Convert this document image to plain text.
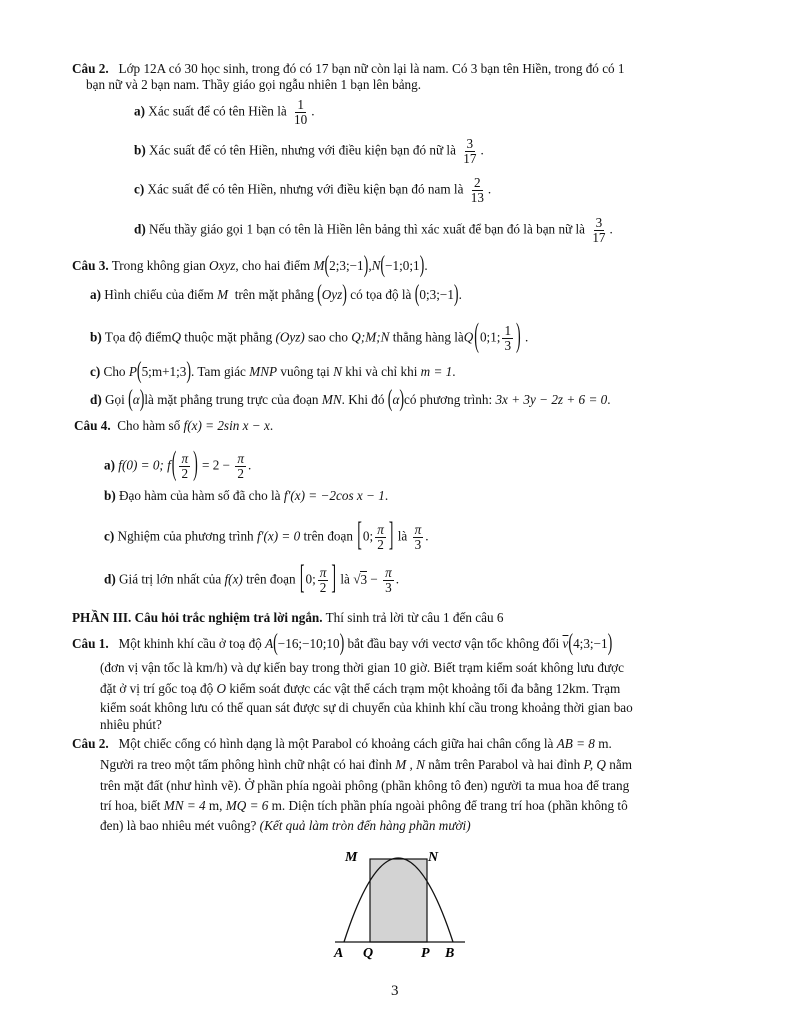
Câu 2. Lớp 12A có 30 học sinh, trong đó có 17 bạn nữ còn lại là nam. Có 3 bạn tên Hiền, trong đó có 1
bạn nữ và 2 bạn nam. Thầy giáo gọi ngẫu nhiên 1 bạn lên bảng.
a) Xác suất để có tên Hiền là $\frac{1}{10}$ .
b) Xác suất để có tên Hiền, nhưng với điều kiện bạn đó nữ là $\frac{3}{17}$ .
c) Xác suất để có tên Hiền, nhưng với điều kiện bạn đó nam là $\frac{2}{13}$ .
d) Nếu thầy giáo gọi 1 bạn có tên là Hiền lên bảng thì xác xuất để bạn đó là bạn nữ là $\frac{3}{17}$ .
Câu 3. Trong không gian Oxyz, cho hai điểm M(2;3;−1),N(−1;0;1).
a) Hình chiếu của điểm M trên mặt phẳng (Oyz) có tọa độ là (0;3;−1).
b) Tọa độ điểmQ thuộc mặt phẳng (Oyz) sao cho Q;M;N thẳng hàng làQ(0;1; $\frac{1}{3}$ ) .
c) Cho P(5;m+1;3). Tam giác MNP vuông tại N khi và chỉ khi m = 1.
d) Gọi (α)là mặt phẳng trung trực của đoạn MN. Khi đó (α)có phương trình: 3x + 3y − 2z + 6 = 0.
Câu 4. Cho hàm số f(x) = 2sin x − x.
a) f(0) = 0; $f( \frac{\pi}{2}$ ) = $2 - \frac{\pi}{2}$ .
b) Đạo hàm của hàm số đã cho là f′(x) = −2cos x − 1.
c) Nghiệm của phương trình f′(x) = 0 trên đoạn [0; $\frac{\pi}{2}$ ] là $\frac{\pi}{3}$ .
d) Giá trị lớn nhất của f(x) trên đoạn [0; $\frac{\pi}{2}$ ] là $√3 - \frac{\pi}{3}$ .
PHẦN III. Câu hỏi trắc nghiệm trả lời ngắn. Thí sinh trả lời từ câu 1 đến câu 6
Câu 1. Một khinh khí cầu ở toạ độ A(−16;−10;10) bắt đầu bay với vectơ vận tốc không đổi $\overline{v}(4;3;-1)$
(đơn vị vận tốc là km/h) và dự kiến bay trong thời gian 10 giờ. Biết trạm kiểm soát không lưu được
đặt ở vị trí gốc toạ độ O kiểm soát được các vật thể cách trạm một khoảng tối đa bằng 12km. Trạm
kiểm soát không lưu có thể quan sát được sự di chuyển của khinh khí cầu trong khoảng thời gian bao
nhiêu phút?
Câu 2. Một chiếc cổng có hình dạng là một Parabol có khoảng cách giữa hai chân cổng là AB = 8 m.
Người ra treo một tấm phông hình chữ nhật có hai đỉnh M , N nằm trên Parabol và hai đỉnh P, Q nằm
trên mặt đất (như hình vẽ). Ở phần phía ngoài phông (phần không tô đen) người ta mua hoa để trang
trí hoa, biết MN = 4 m, MQ = 6 m. Diện tích phần phía ngoài phông để trang trí hoa (phần không tô
đen) là bao nhiêu mét vuông? (Kết quả làm tròn đến hàng phần mười)
M	N
A Q	P B
3
